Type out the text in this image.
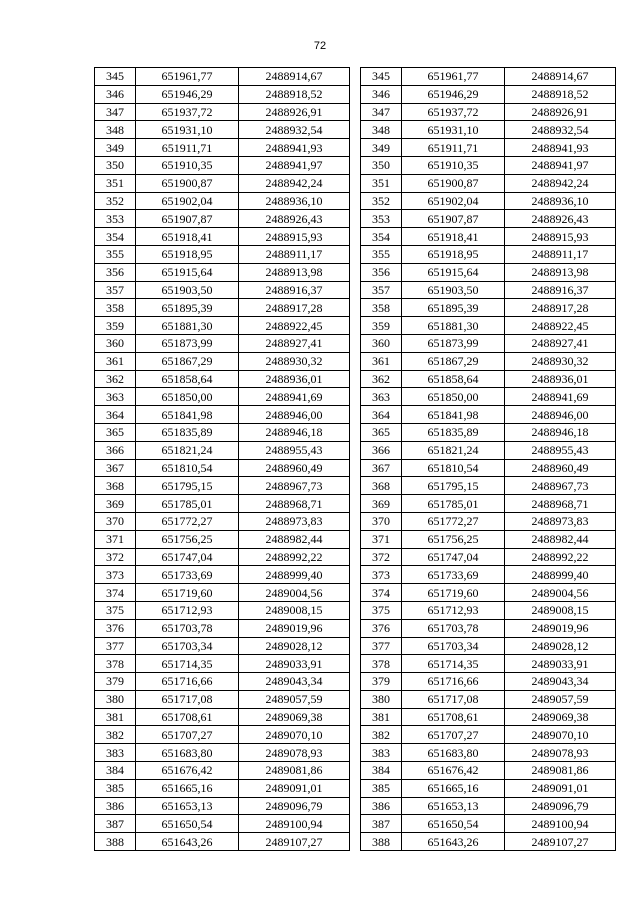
72
345	651961,77	2488914,67
346	651946,29	2488918,52
347	651937,72	2488926,91
348	651931,10	2488932,54
349	651911,71	2488941,93
350	651910,35	2488941,97
351	651900,87	2488942,24
352	651902,04	2488936,10
353	651907,87	2488926,43
354	651918,41	2488915,93
355	651918,95	2488911,17
356	651915,64	2488913,98
357	651903,50	2488916,37
358	651895,39	2488917,28
359	651881,30	2488922,45
360	651873,99	2488927,41
361	651867,29	2488930,32
362	651858,64	2488936,01
363	651850,00	2488941,69
364	651841,98	2488946,00
365	651835,89	2488946,18
366	651821,24	2488955,43
367	651810,54	2488960,49
368	651795,15	2488967,73
369	651785,01	2488968,71
370	651772,27	2488973,83
371	651756,25	2488982,44
372	651747,04	2488992,22
373	651733,69	2488999,40
374	651719,60	2489004,56
375	651712,93	2489008,15
376	651703,78	2489019,96
377	651703,34	2489028,12
378	651714,35	2489033,91
379	651716,66	2489043,34
380	651717,08	2489057,59
381	651708,61	2489069,38
382	651707,27	2489070,10
383	651683,80	2489078,93
384	651676,42	2489081,86
385	651665,16	2489091,01
386	651653,13	2489096,79
387	651650,54	2489100,94
388	651643,26	2489107,27
345	651961,77	2488914,67
346	651946,29	2488918,52
347	651937,72	2488926,91
348	651931,10	2488932,54
349	651911,71	2488941,93
350	651910,35	2488941,97
351	651900,87	2488942,24
352	651902,04	2488936,10
353	651907,87	2488926,43
354	651918,41	2488915,93
355	651918,95	2488911,17
356	651915,64	2488913,98
357	651903,50	2488916,37
358	651895,39	2488917,28
359	651881,30	2488922,45
360	651873,99	2488927,41
361	651867,29	2488930,32
362	651858,64	2488936,01
363	651850,00	2488941,69
364	651841,98	2488946,00
365	651835,89	2488946,18
366	651821,24	2488955,43
367	651810,54	2488960,49
368	651795,15	2488967,73
369	651785,01	2488968,71
370	651772,27	2488973,83
371	651756,25	2488982,44
372	651747,04	2488992,22
373	651733,69	2488999,40
374	651719,60	2489004,56
375	651712,93	2489008,15
376	651703,78	2489019,96
377	651703,34	2489028,12
378	651714,35	2489033,91
379	651716,66	2489043,34
380	651717,08	2489057,59
381	651708,61	2489069,38
382	651707,27	2489070,10
383	651683,80	2489078,93
384	651676,42	2489081,86
385	651665,16	2489091,01
386	651653,13	2489096,79
387	651650,54	2489100,94
388	651643,26	2489107,27
